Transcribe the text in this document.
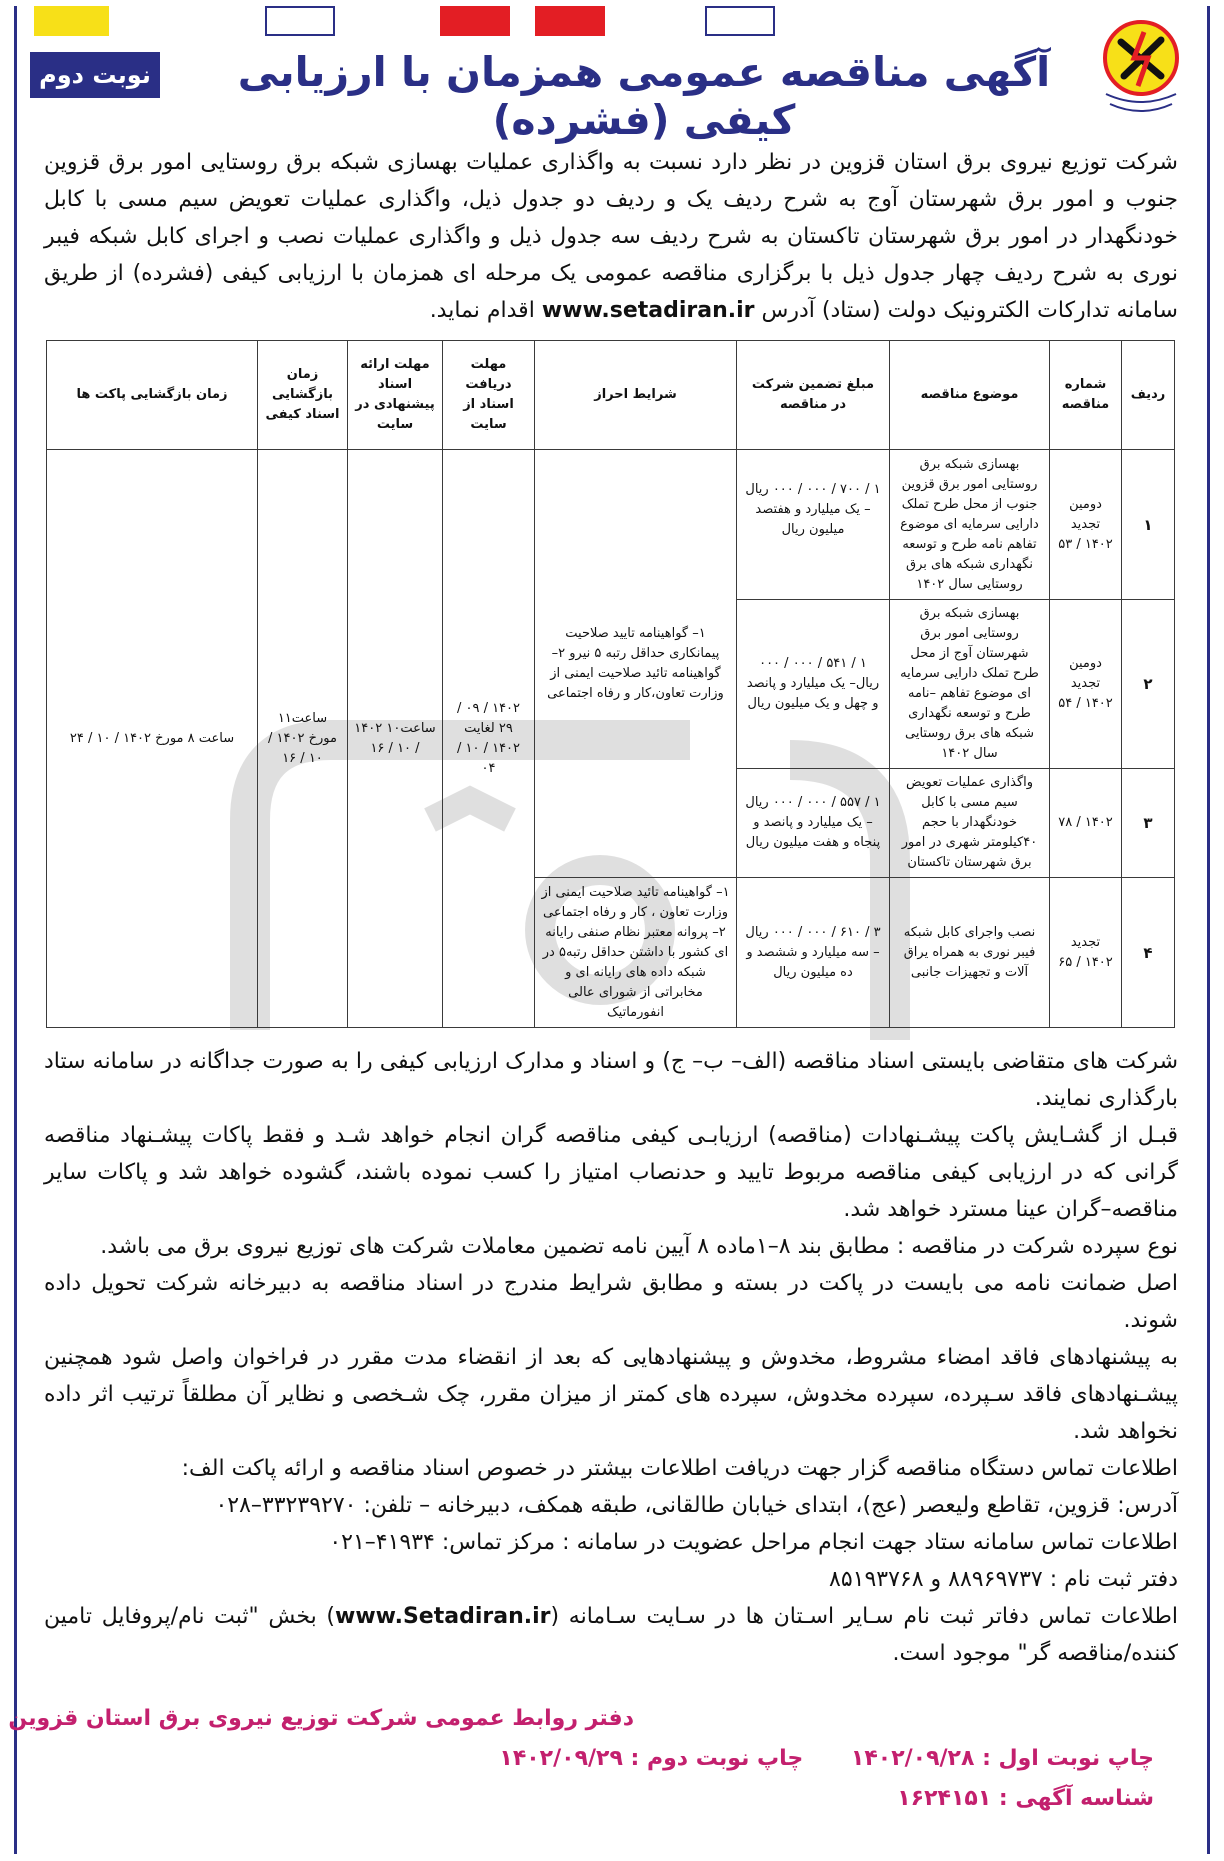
آگهی مناقصه عمومی همزمان با ارزیابی کیفی (فشرده)
نوبت دوم
شرکت توزیع نیروی برق استان قزوین در نظر دارد نسبت به واگذاری عملیات بهسازی شبکه برق روستایی امور برق قزوین جنوب و امور برق شهرستان آوج به شرح ردیف یک و ردیف دو جدول ذیل، واگذاری عملیات تعویض سیم مسی با کابل خودنگهدار در امور برق شهرستان تاکستان به شرح ردیف سه جدول ذیل و واگذاری عملیات نصب و اجرای کابل شبکه فیبر نوری به شرح ردیف چهار جدول ذیل با برگزاری مناقصه عمومی یک مرحله ای همزمان با ارزیابی کیفی (فشرده) از طریق سامانه تدارکات الکترونیک دولت (ستاد) آدرس www.setadiran.ir اقدام نماید.
ردیف	شماره مناقصه	موضوع مناقصه	مبلغ تضمین شرکت در مناقصه	شرایط احراز	مهلت دریافت اسناد از سایت	مهلت ارائه اسناد پیشنهادی در سایت	زمان بازگشایی اسناد کیفی	زمان بازگشایی پاکت ها
۱	دومین تجدید ۱۴۰۲ / ۵۳	بهسازی شبکه برق روستایی امور برق قزوین جنوب از محل طرح تملک دارایی سرمایه ای موضوع تفاهم نامه طرح و توسعه نگهداری شبکه های برق روستایی سال ۱۴۰۲	۱ / ۷۰۰ / ۰۰۰ / ۰۰۰ ریال – یک میلیارد و هفتصد میلیون ریال	۱– گواهینامه تایید صلاحیت پیمانکاری حداقل رتبه ۵ نیرو ۲– گواهینامه تائید صلاحیت ایمنی از وزارت تعاون،کار و رفاه اجتماعی	۱۴۰۲ / ۰۹ / ۲۹ لغایت ۱۴۰۲ / ۱۰ / ۰۴	ساعت۱۰ ۱۴۰۲ / ۱۰ / ۱۶	ساعت۱۱ مورخ ۱۴۰۲ / ۱۰ / ۱۶	ساعت ۸ مورخ ۱۴۰۲ / ۱۰ / ۲۴
۲	دومین تجدید ۱۴۰۲ / ۵۴	بهسازی شبکه برق روستایی امور برق شهرستان آوج از محل طرح تملک دارایی سرمایه ای موضوع تفاهم –نامه طرح و توسعه نگهداری شبکه های برق روستایی سال ۱۴۰۲	۱ / ۵۴۱ / ۰۰۰ / ۰۰۰ ریال– یک میلیارد و پانصد و چهل و یک میلیون ریال					
۳	۱۴۰۲ / ۷۸	واگذاری عملیات تعویض سیم مسی با کابل خودنگهدار با حجم ۴۰کیلومتر شهری در امور برق شهرستان تاکستان	۱ / ۵۵۷ / ۰۰۰ / ۰۰۰ ریال – یک میلیارد و پانصد و پنجاه و هفت میلیون ریال					
۴	تجدید ۱۴۰۲ / ۶۵	نصب واجرای کابل شبکه فیبر نوری به همراه یراق آلات و تجهیزات جانبی	۳ / ۶۱۰ / ۰۰۰ / ۰۰۰ ریال – سه میلیارد و ششصد و ده میلیون ریال	۱– گواهینامه تائید صلاحیت ایمنی از وزارت تعاون ، کار و رفاه اجتماعی ۲– پروانه معتبر نظام صنفی رایانه ای کشور با داشتن حداقل رتبه۵ در شبکه داده های رایانه ای و مخابراتی از شورای عالی انفورماتیک				

شرکت های متقاضی بایستی اسناد مناقصه (الف– ب– ج) و اسناد و مدارک ارزیابی کیفی را به صورت جداگانه در سامانه ستاد بارگذاری نمایند.

قبـل از گشـایش پاکت پیشـنهادات (مناقصه) ارزیابـی کیفی مناقصه گران انجام خواهد شـد و فقط پاکات پیشـنهاد مناقصه گرانی که در ارزیابی کیفی مناقصه مربوط تایید و حدنصاب امتیاز را کسب نموده باشند، گشوده خواهد شد و پاکات سایر مناقصه–گران عینا مسترد خواهد شد.

نوع سپرده شرکت در مناقصه : مطابق بند ۸–۱ماده ۸ آیین نامه تضمین معاملات شرکت های توزیع نیروی برق می باشد.

اصل ضمانت نامه می بایست در پاکت در بسته و مطابق شرایط مندرج در اسناد مناقصه به دبیرخانه شرکت تحویل داده شوند.

به پیشنهادهای فاقد امضاء مشروط، مخدوش و پیشنهادهایی که بعد از انقضاء مدت مقرر در فراخوان واصل شود همچنین پیشـنهادهای فاقد سـپرده، سپرده مخدوش، سپرده های کمتر از میزان مقرر، چک شـخصی و نظایر آن مطلقاً ترتیب اثر داده نخواهد شد.

اطلاعات تماس دستگاه مناقصه گزار جهت دریافت اطلاعات بیشتر در خصوص اسناد مناقصه و ارائه پاکت الف:

آدرس: قزوین، تقاطع ولیعصر (عج)، ابتدای خیابان طالقانی، طبقه همکف، دبیرخانه – تلفن: ۳۳۲۳۹۲۷۰–۰۲۸

اطلاعات تماس سامانه ستاد جهت انجام مراحل عضویت در سامانه : مرکز تماس: ۴۱۹۳۴–۰۲۱

دفتر ثبت نام : ۸۸۹۶۹۷۳۷ و ۸۵۱۹۳۷۶۸

اطلاعات تماس دفاتر ثبت نام سـایر اسـتان ها در سـایت سـامانه (www.Setadiran.ir) بخش "ثبت نام/پروفایل تامین کننده/مناقصه گر" موجود است.

دفتر روابط عمومی شرکت توزیع نیروی برق استان قزوین
چاپ نوبت اول : ۱۴۰۲/۰۹/۲۸ چاپ نوبت دوم : ۱۴۰۲/۰۹/۲۹
شناسه آگهی : ۱۶۲۴۱۵۱
